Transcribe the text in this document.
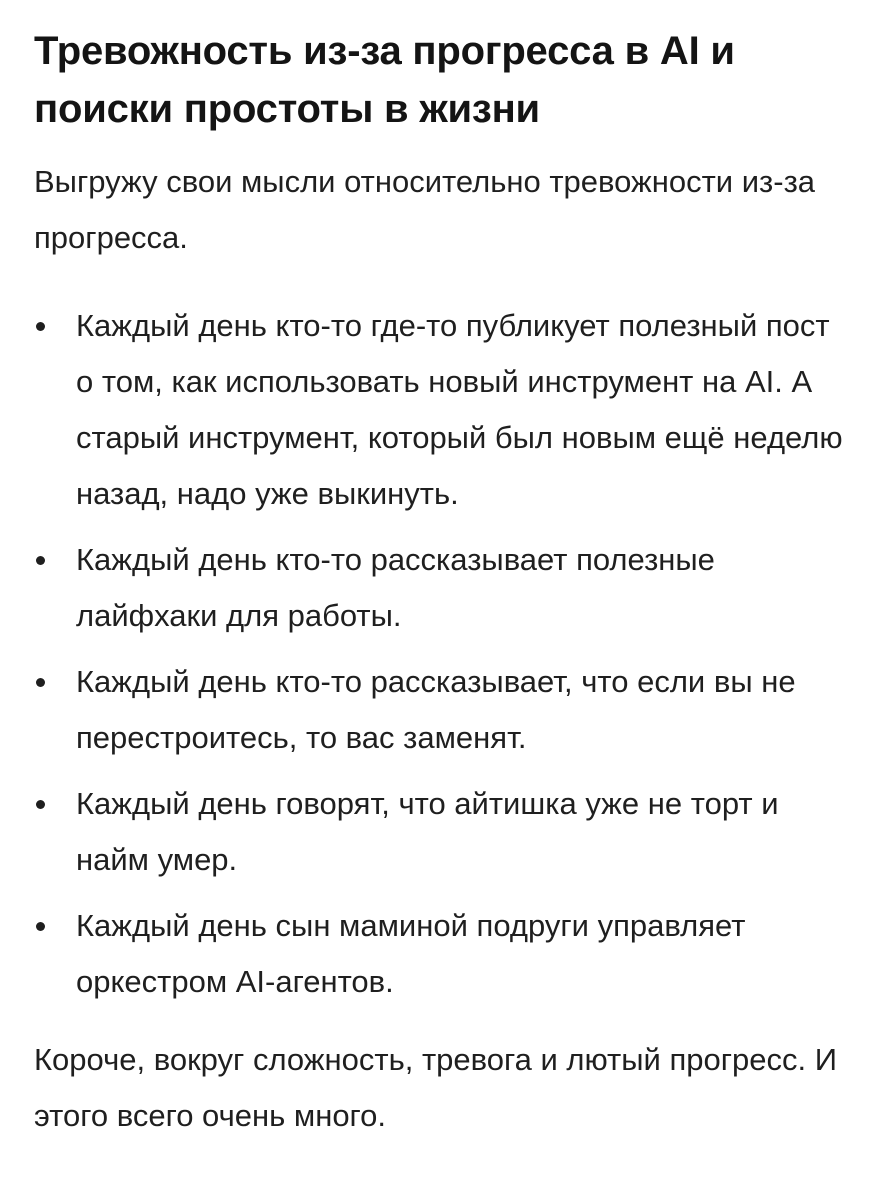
Тревожность из-за прогресса в AI и поиски простоты в жизни

Выгружу свои мысли относительно тревожности из-за прогресса.

Каждый день кто-то где-то публикует полезный пост о том, как использовать новый инструмент на AI. А старый инструмент, который был новым ещё неделю назад, надо уже выкинуть.
Каждый день кто-то рассказывает полезные лайфхаки для работы.
Каждый день кто-то рассказывает, что если вы не перестроитесь, то вас заменят.
Каждый день говорят, что айтишка уже не торт и найм умер.
Каждый день сын маминой подруги управляет оркестром AI-агентов.

Короче, вокруг сложность, тревога и лютый прогресс. И этого всего очень много.
